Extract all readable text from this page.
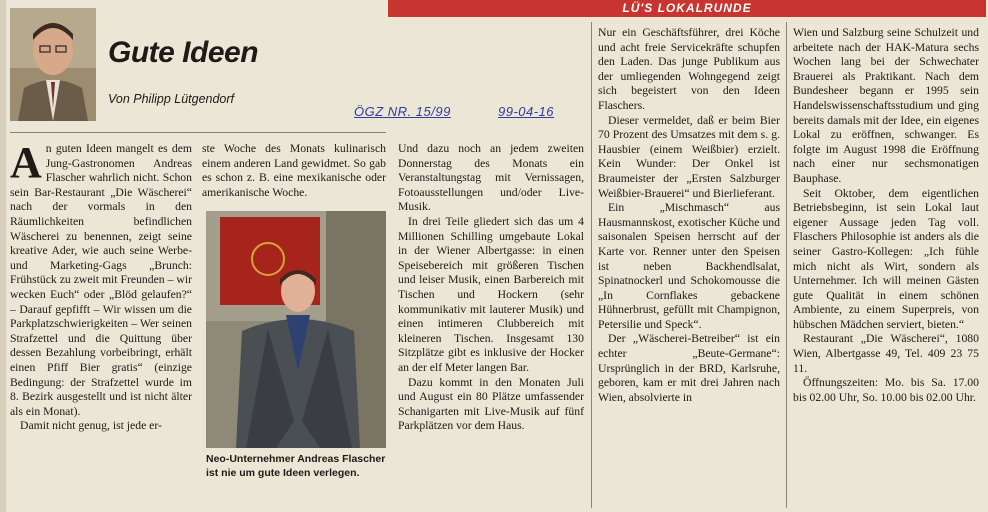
LÜ'S LOKALRUNDE
Gute Ideen
Von Philipp Lütgendorf
ÖGZ NR. 15/99	99-04-16

An guten Ideen mangelt es dem Jung-Gastronomen Andreas Flascher wahrlich nicht. Schon sein Bar-Restaurant „Die Wäscherei“ nach der vormals in den Räumlichkeiten befindlichen Wäscherei zu benennen, zeigt seine kreative Ader, wie auch seine Werbe- und Marketing-Gags „Brunch: Frühstück zu zweit mit Freunden – wir wecken Euch“ oder „Blöd gelaufen?“ – Darauf gepfifft – Wir wissen um die Parkplatzschwierigkeiten – Wer seinen Strafzettel und die Quittung über dessen Bezahlung vorbeibringt, erhält einen Pfiff Bier gratis“ (einzige Bedingung: der Strafzettel wurde im 8. Bezirk ausgestellt und ist nicht älter als ein Monat).

Damit nicht genug, ist jede er-

ste Woche des Monats kulinarisch einem anderen Land gewidmet. So gab es schon z. B. eine mexikanische oder amerikanische Woche.

Neo-Unternehmer Andreas Flascher ist nie um gute Ideen verlegen.

Und dazu noch an jedem zweiten Donnerstag des Monats ein Veranstaltungstag mit Vernissagen, Fotoausstellungen und/oder Live-Musik.

In drei Teile gliedert sich das um 4 Millionen Schilling umgebaute Lokal in der Wiener Albertgasse: in einen Speisebereich mit größeren Tischen und leiser Musik, einen Barbereich mit Tischen und Hockern (sehr kommunikativ mit lauterer Musik) und einen intimeren Clubbereich mit kleineren Tischen. Insgesamt 130 Sitzplätze gibt es inklusive der Hocker an der elf Meter langen Bar.

Dazu kommt in den Monaten Juli und August ein 80 Plätze umfassender Schanigarten mit Live-Musik auf fünf Parkplätzen vor dem Haus.

Nur ein Geschäftsführer, drei Köche und acht freie Servicekräfte schupfen den Laden. Das junge Publikum aus der umliegenden Wohngegend zeigt sich begeistert von den Ideen Flaschers.

Dieser vermeldet, daß er beim Bier 70 Prozent des Umsatzes mit dem s. g. Hausbier (einem Weißbier) erzielt. Kein Wunder: Der Onkel ist Braumeister der „Ersten Salzburger Weißbier-Brauerei“ und Bierlieferant.

Ein „Mischmasch“ aus Hausmannskost, exotischer Küche und saisonalen Speisen herrscht auf der Karte vor. Renner unter den Speisen ist neben Backhendlsalat, Spinatnockerl und Schokomousse die „In Cornflakes gebackene Hühnerbrust, gefüllt mit Champignon, Petersilie und Speck“.

Der „Wäscherei-Betreiber“ ist ein echter „Beute-Germane“: Ursprünglich in der BRD, Karlsruhe, geboren, kam er mit drei Jahren nach Wien, absolvierte in

Wien und Salzburg seine Schulzeit und arbeitete nach der HAK-Matura sechs Wochen lang bei der Schwechater Brauerei als Praktikant. Nach dem Bundesheer begann er 1995 sein Handelswissenschaftsstudium und ging bereits damals mit der Idee, ein eigenes Lokal zu eröffnen, schwanger. Es folgte im August 1998 die Eröffnung nach einer nur sechsmonatigen Bauphase.

Seit Oktober, dem eigentlichen Betriebsbeginn, ist sein Lokal laut eigener Aussage jeden Tag voll. Flaschers Philosophie ist anders als die seiner Gastro-Kollegen: „Ich fühle mich nicht als Wirt, sondern als Unternehmer. Ich will meinen Gästen gute Qualität in einem schönen Ambiente, zu einem Superpreis, von hübschen Mädchen serviert, bieten.“

Restaurant „Die Wäscherei“, 1080 Wien, Albertgasse 49, Tel. 409 23 75 11.

Öffnungszeiten: Mo. bis Sa. 17.00 bis 02.00 Uhr, So. 10.00 bis 02.00 Uhr.
